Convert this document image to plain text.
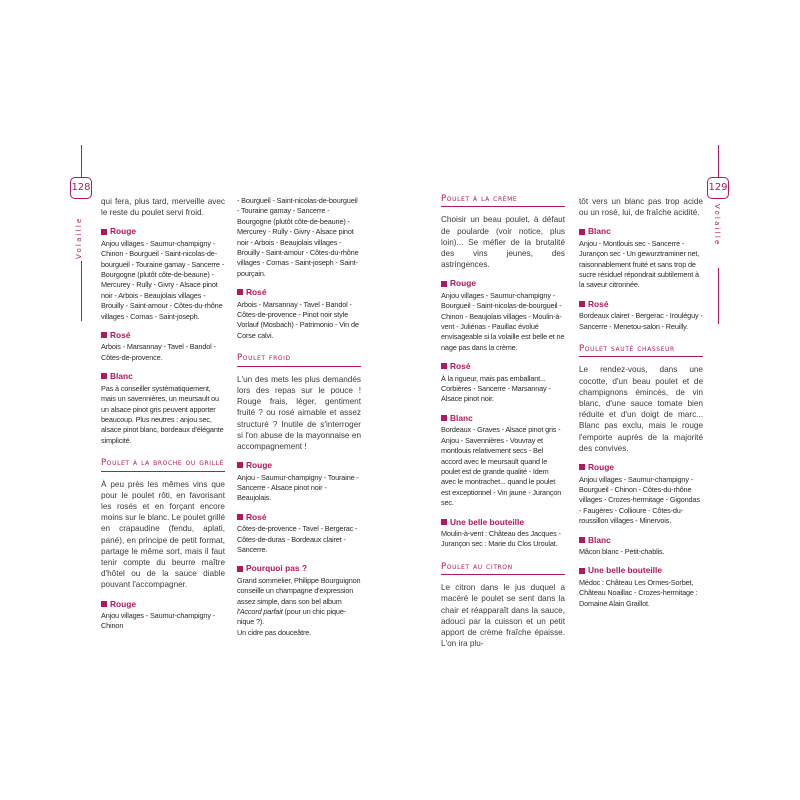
128
Volaille
129
Volaille

qui fera, plus tard, merveille avec le reste du poulet servi froid.

Rouge

Anjou villages - Saumur-champigny - Chinon - Bourgueil - Saint-nicolas-de-bourgueil - Touraine gamay - Sancerre - Bourgogne (plutôt côte-de-beaune) - Mercurey - Rully - Givry - Alsace pinot noir - Arbois - Beaujolais villages - Brouilly - Saint-amour - Côtes-du-rhône villages - Cornas - Saint-joseph.

Rosé

Arbois - Marsannay - Tavel - Bandol - Côtes-de-provence.

Blanc

Pas à conseiller systématiquement, mais un savennières, un meursault ou un alsace pinot gris peuvent apporter beaucoup. Plus neutres : anjou sec, alsace pinot blanc, bordeaux d'élégante simplicité.

Poulet à la broche ou grillé

À peu près les mêmes vins que pour le poulet rôti, en favorisant les rosés et en forçant encore moins sur le blanc. Le poulet grillé en crapaudine (fendu, aplati, pané), en principe de petit format, partage le même sort, mais il faut tenir compte du beurre maître d'hôtel ou de la sauce diable pouvant l'accompagner.

Rouge

Anjou villages - Saumur-champigny - Chinon

- Bourgueil - Saint-nicolas-de-bourgueil - Touraine gamay - Sancerre - Bourgogne (plutôt côte-de-beaune) - Mercurey - Rully - Givry - Alsace pinot noir - Arbois - Beaujolais villages - Brouilly - Saint-amour - Côtes-du-rhône villages - Cornas - Saint-joseph - Saint-pourçain.

Rosé

Arbois - Marsannay - Tavel - Bandol - Côtes-de-provence - Pinot noir style Vorlauf (Mosbach) - Patrimonio - Vin de Corse calvi.

Poulet froid

L'un des mets les plus demandés lors des repas sur le pouce ! Rouge frais, léger, gentiment fruité ? ou rosé aimable et assez structuré ? Inutile de s'interroger si l'on abuse de la mayonnaise en accompagnement !

Rouge

Anjou - Saumur-champigny - Touraine - Sancerre - Alsace pinot noir - Beaujolais.

Rosé

Côtes-de-provence - Tavel - Bergerac - Côtes-de-duras - Bordeaux clairet - Sancerre.

Pourquoi pas ?

Grand sommelier, Philippe Bourguignon conseille un champagne d'expression assez simple, dans son bel album l'Accord parfait (pour un chic pique-nique ?).
Un cidre pas douceâtre.

Poulet à la crème

Choisir un beau poulet, à défaut de poularde (voir notice, plus loin)... Se méfier de la brutalité des vins jeunes, des astringences.

Rouge

Anjou villages - Saumur-champigny - Bourgueil - Saint-nicolas-de-bourgueil - Chinon - Beaujolais villages - Moulin-à-vent - Juliénas - Pauillac évolué envisageable si la volaille est belle et ne nage pas dans la crème.

Rosé

À la rigueur, mais pas emballant... Corbières - Sancerre - Marsannay - Alsace pinot noir.

Blanc

Bordeaux - Graves - Alsace pinot gris - Anjou - Savennières - Vouvray et montlouis relativement secs - Bel accord avec le meursault quand le poulet est de grande qualité - Idem avec le montrachet... quand le poulet est exceptionnel - Vin jaune - Jurançon sec.

Une belle bouteille

Moulin-à-vent : Château des Jacques - Jurançon sec : Marie du Clos Uroulat.

Poulet au citron

Le citron dans le jus duquel a macéré le poulet se sent dans la chair et réapparaît dans la sauce, adouci par la cuisson et un petit apport de crème fraîche épaisse. L'on ira plu-

tôt vers un blanc pas trop acide ou un rosé, lui, de fraîche acidité.

Blanc

Anjou - Montlouis sec - Sancerre - Jurançon sec - Un gewurztraminer net, raisonnablement fruité et sans trop de sucre résiduel répondrait subtilement à la saveur citronnée.

Rosé

Bordeaux clairet - Bergerac - Irouléguy - Sancerre - Menetou-salon - Reuilly.

Poulet sauté chasseur

Le rendez-vous, dans une cocotte, d'un beau poulet et de champignons émincés, de vin blanc, d'une sauce tomate bien réduite et d'un doigt de marc... Blanc pas exclu, mais le rouge l'emporte auprès de la majorité des convives.

Rouge

Anjou villages - Saumur-champigny - Bourgueil - Chinon - Côtes-du-rhône villages - Crozes-hermitage - Gigondas - Faugères - Collioure - Côtes-du-roussillon villages - Minervois.

Blanc

Mâcon blanc - Petit-chablis.

Une belle bouteille

Médoc : Château Les Ormes-Sorbet, Château Noaillac - Crozes-hermitage : Domaine Alain Graillot.
